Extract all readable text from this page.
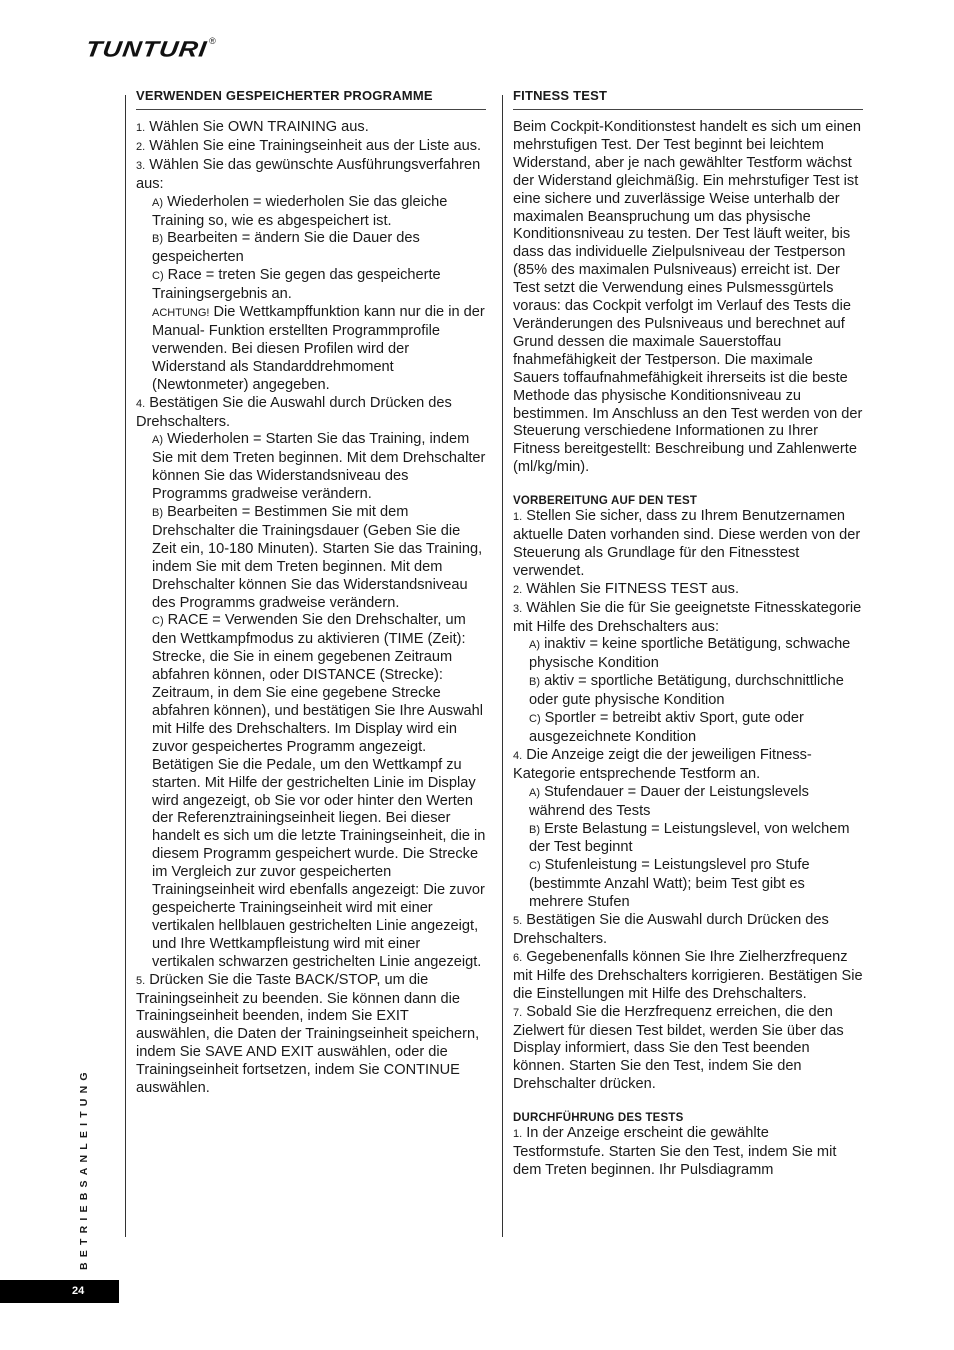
TUNTURI®
VERWENDEN GESPEICHERTER PROGRAMME

1. Wählen Sie OWN TRAINING aus.

2. Wählen Sie eine Trainingseinheit aus der Liste aus.

3. Wählen Sie das gewünschte Ausführungsverfahren aus:

A) Wiederholen = wiederholen Sie das gleiche Training so, wie es abgespeichert ist.

B) Bearbeiten = ändern Sie die Dauer des gespeicherten

C) Race = treten Sie gegen das gespeicherte Trainingsergebnis an.

ACHTUNG! Die Wettkampffunktion kann nur die in der Manual- Funktion erstellten Programmprofile verwenden. Bei diesen Profilen wird der Widerstand als Standarddrehmoment (Newtonmeter) angegeben.

4. Bestätigen Sie die Auswahl durch Drücken des Drehschalters.

A) Wiederholen = Starten Sie das Training, indem Sie mit dem Treten beginnen. Mit dem Drehschalter können Sie das Widerstandsniveau des Programms gradweise verändern.

B) Bearbeiten = Bestimmen Sie mit dem Drehschalter die Trainingsdauer (Geben Sie die Zeit ein, 10-180 Minuten). Starten Sie das Training, indem Sie mit dem Treten beginnen. Mit dem Drehschalter können Sie das Widerstandsniveau des Programms gradweise verändern.

C) RACE = Verwenden Sie den Drehschalter, um den Wettkampfmodus zu aktivieren (TIME (Zeit): Strecke, die Sie in einem gegebenen Zeitraum abfahren können, oder DISTANCE (Strecke): Zeitraum, in dem Sie eine gegebene Strecke abfahren können), und bestätigen Sie Ihre Auswahl mit Hilfe des Drehschalters. Im Display wird ein zuvor gespeichertes Programm angezeigt. Betätigen Sie die Pedale, um den Wettkampf zu starten. Mit Hilfe der gestrichelten Linie im Display wird angezeigt, ob Sie vor oder hinter den Werten der Referenztrainingseinheit liegen. Bei dieser handelt es sich um die letzte Trainingseinheit, die in diesem Programm gespeichert wurde. Die Strecke im Vergleich zur zuvor gespeicherten Trainingseinheit wird ebenfalls angezeigt: Die zuvor gespeicherte Trainingseinheit wird mit einer vertikalen hellblauen gestrichelten Linie angezeigt, und Ihre Wettkampfleistung wird mit einer vertikalen schwarzen gestrichelten Linie angezeigt.

5. Drücken Sie die Taste BACK/STOP, um die Trainingseinheit zu beenden. Sie können dann die Trainingseinheit beenden, indem Sie EXIT auswählen, die Daten der Trainingseinheit speichern, indem Sie SAVE AND EXIT auswählen, oder die Trainingseinheit fortsetzen, indem Sie CONTINUE auswählen.

FITNESS TEST

Beim Cockpit-Konditionstest handelt es sich um einen mehrstufigen Test. Der Test beginnt bei leichtem Widerstand, aber je nach gewählter Testform wächst der Widerstand gleichmäßig. Ein mehrstufiger Test ist eine sichere und zuverlässige Weise unterhalb der maximalen Beanspruchung um das physische Konditionsniveau zu testen. Der Test läuft weiter, bis dass das individuelle Zielpulsniveau der Testperson (85% des maximalen Pulsniveaus) erreicht ist. Der Test setzt die Verwendung eines Pulsmessgürtels voraus: das Cockpit verfolgt im Verlauf des Tests die Veränderungen des Pulsniveaus und berechnet auf Grund dessen die maximale Sauerstoffau fnahmefähigkeit der Testperson. Die maximale Sauers toffaufnahmefähigkeit ihrerseits ist die beste Methode das physische Konditionsniveau zu bestimmen. Im Anschluss an den Test werden von der Steuerung verschiedene Informationen zu Ihrer Fitness bereitgestellt: Beschreibung und Zahlenwerte (ml/kg/min).

VORBEREITUNG AUF DEN TEST

1. Stellen Sie sicher, dass zu Ihrem Benutzernamen aktuelle Daten vorhanden sind. Diese werden von der Steuerung als Grundlage für den Fitnesstest verwendet.

2. Wählen Sie FITNESS TEST aus.

3. Wählen Sie die für Sie geeignetste Fitnesskategorie mit Hilfe des Drehschalters aus:

A) inaktiv = keine sportliche Betätigung, schwache physische Kondition

B) aktiv = sportliche Betätigung, durchschnittliche oder gute physische Kondition

C) Sportler = betreibt aktiv Sport, gute oder ausgezeichnete Kondition

4. Die Anzeige zeigt die der jeweiligen Fitness-Kategorie entsprechende Testform an.

A) Stufendauer = Dauer der Leistungslevels während des Tests

B) Erste Belastung = Leistungslevel, von welchem der Test beginnt

C) Stufenleistung = Leistungslevel pro Stufe (bestimmte Anzahl Watt); beim Test gibt es mehrere Stufen

5. Bestätigen Sie die Auswahl durch Drücken des Drehschalters.

6. Gegebenenfalls können Sie Ihre Zielherzfrequenz mit Hilfe des Drehschalters korrigieren. Bestätigen Sie die Einstellungen mit Hilfe des Drehschalters.

7. Sobald Sie die Herzfrequenz erreichen, die den Zielwert für diesen Test bildet, werden Sie über das Display informiert, dass Sie den Test beenden können. Starten Sie den Test, indem Sie den Drehschalter drücken.

DURCHFÜHRUNG DES TESTS

1. In der Anzeige erscheint die gewählte Testformstufe. Starten Sie den Test, indem Sie mit dem Treten beginnen. Ihr Pulsdiagramm

BETRIEBSANLEITUNG
24
